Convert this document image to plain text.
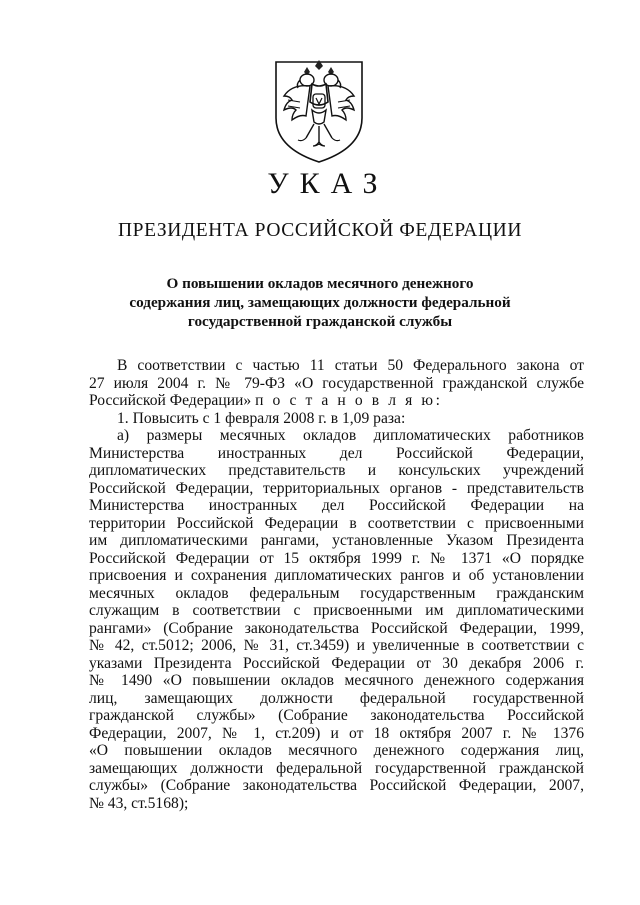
УКАЗ
ПРЕЗИДЕНТА РОССИЙСКОЙ ФЕДЕРАЦИИ
О повышении окладов месячного денежного
содержания лиц, замещающих должности федеральной
государственной гражданской службы
В соответствии с частью 11 статьи 50 Федерального закона от
27 июля 2004 г. № 79-ФЗ «О государственной гражданской службе
Российской Федерации» п о с т а н о в л я ю:
1. Повысить с 1 февраля 2008 г. в 1,09 раза:
а) размеры месячных окладов дипломатических работников
Министерства иностранных дел Российской Федерации,
дипломатических представительств и консульских учреждений
Российской Федерации, территориальных органов - представительств
Министерства иностранных дел Российской Федерации на
территории Российской Федерации в соответствии с присвоенными
им дипломатическими рангами, установленные Указом Президента
Российской Федерации от 15 октября 1999 г. № 1371 «О порядке
присвоения и сохранения дипломатических рангов и об установлении
месячных окладов федеральным государственным гражданским
служащим в соответствии с присвоенными им дипломатическими
рангами» (Собрание законодательства Российской Федерации, 1999,
№ 42, ст.5012; 2006, № 31, ст.3459) и увеличенные в соответствии с
указами Президента Российской Федерации от 30 декабря 2006 г.
№ 1490 «О повышении окладов месячного денежного содержания
лиц, замещающих должности федеральной государственной
гражданской службы» (Собрание законодательства Российской
Федерации, 2007, № 1, ст.209) и от 18 октября 2007 г. № 1376
«О повышении окладов месячного денежного содержания лиц,
замещающих должности федеральной государственной гражданской
службы» (Собрание законодательства Российской Федерации, 2007,
№ 43, ст.5168);
